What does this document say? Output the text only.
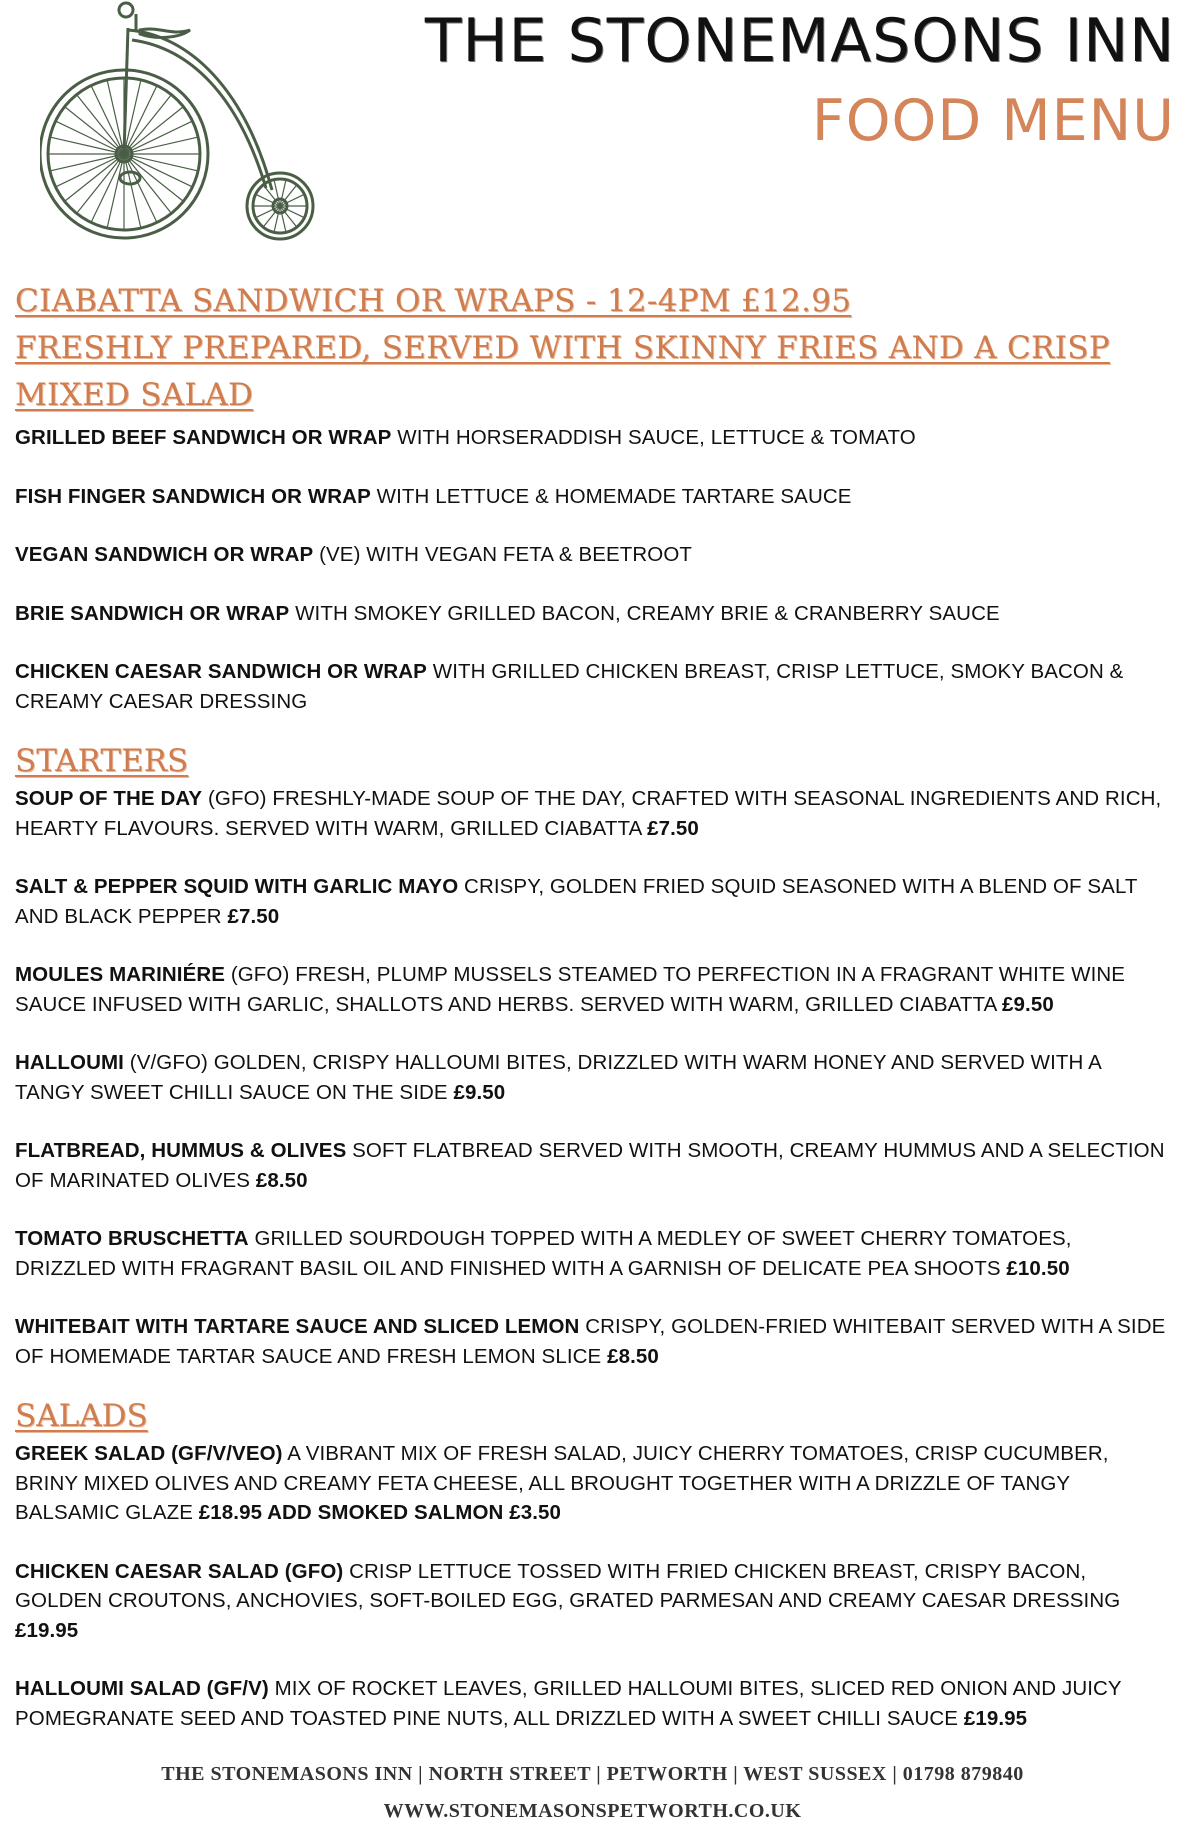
THE STONEMASONS INN
FOOD MENU
CIABATTA SANDWICH OR WRAPS - 12-4PM £12.95
FRESHLY PREPARED, SERVED WITH SKINNY FRIES AND A CRISP
MIXED SALAD

GRILLED BEEF SANDWICH OR WRAP WITH HORSERADDISH SAUCE, LETTUCE & TOMATO

FISH FINGER SANDWICH OR WRAP WITH LETTUCE & HOMEMADE TARTARE SAUCE

VEGAN SANDWICH OR WRAP (VE) WITH VEGAN FETA & BEETROOT

BRIE SANDWICH OR WRAP WITH SMOKEY GRILLED BACON, CREAMY BRIE & CRANBERRY SAUCE

CHICKEN CAESAR SANDWICH OR WRAP WITH GRILLED CHICKEN BREAST, CRISP LETTUCE, SMOKY BACON & CREAMY CAESAR DRESSING

STARTERS

SOUP OF THE DAY (GFO) FRESHLY-MADE SOUP OF THE DAY, CRAFTED WITH SEASONAL INGREDIENTS AND RICH, HEARTY FLAVOURS. SERVED WITH WARM, GRILLED CIABATTA £7.50

SALT & PEPPER SQUID WITH GARLIC MAYO CRISPY, GOLDEN FRIED SQUID SEASONED WITH A BLEND OF SALT AND BLACK PEPPER £7.50

MOULES MARINIÉRE (GFO) FRESH, PLUMP MUSSELS STEAMED TO PERFECTION IN A FRAGRANT WHITE WINE SAUCE INFUSED WITH GARLIC, SHALLOTS AND HERBS. SERVED WITH WARM, GRILLED CIABATTA £9.50

HALLOUMI (V/GFO) GOLDEN, CRISPY HALLOUMI BITES, DRIZZLED WITH WARM HONEY AND SERVED WITH A TANGY SWEET CHILLI SAUCE ON THE SIDE £9.50

FLATBREAD, HUMMUS & OLIVES SOFT FLATBREAD SERVED WITH SMOOTH, CREAMY HUMMUS AND A SELECTION OF MARINATED OLIVES £8.50

TOMATO BRUSCHETTA GRILLED SOURDOUGH TOPPED WITH A MEDLEY OF SWEET CHERRY TOMATOES, DRIZZLED WITH FRAGRANT BASIL OIL AND FINISHED WITH A GARNISH OF DELICATE PEA SHOOTS £10.50

WHITEBAIT WITH TARTARE SAUCE AND SLICED LEMON CRISPY, GOLDEN-FRIED WHITEBAIT SERVED WITH A SIDE OF HOMEMADE TARTAR SAUCE AND FRESH LEMON SLICE £8.50

SALADS

GREEK SALAD (GF/V/VEO) A VIBRANT MIX OF FRESH SALAD, JUICY CHERRY TOMATOES, CRISP CUCUMBER, BRINY MIXED OLIVES AND CREAMY FETA CHEESE, ALL BROUGHT TOGETHER WITH A DRIZZLE OF TANGY BALSAMIC GLAZE £18.95 ADD SMOKED SALMON £3.50

CHICKEN CAESAR SALAD (GFO) CRISP LETTUCE TOSSED WITH FRIED CHICKEN BREAST, CRISPY BACON, GOLDEN CROUTONS, ANCHOVIES, SOFT-BOILED EGG, GRATED PARMESAN AND CREAMY CAESAR DRESSING £19.95

HALLOUMI SALAD (GF/V) MIX OF ROCKET LEAVES, GRILLED HALLOUMI BITES, SLICED RED ONION AND JUICY POMEGRANATE SEED AND TOASTED PINE NUTS, ALL DRIZZLED WITH A SWEET CHILLI SAUCE £19.95

THE STONEMASONS INN | NORTH STREET | PETWORTH | WEST SUSSEX | 01798 879840
WWW.STONEMASONSPETWORTH.CO.UK
